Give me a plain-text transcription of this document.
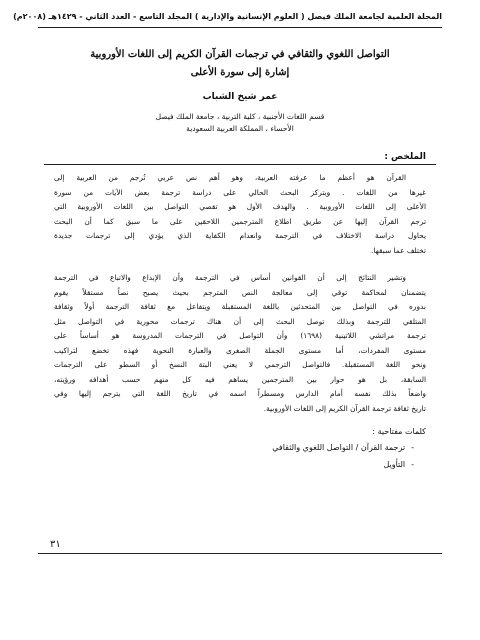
المجلة العلمية لجامعة الملك فيصل ( العلوم الإنسانية والإدارية ) المجلد التاسع - العدد الثاني - ١٤٢٩هـ (٢٠٠٨م)
التواصل اللغوي والثقافي في ترجمات القرآن الكريم إلى اللغات الأوروبية
إشارة إلى سورة الأعلى
عمر شيخ الشباب
قسم اللغات الأجنبية ، كلية التربية ، جامعة الملك فيصل
الأحساء ، المملكة العربية السعودية
الملخص :
القرآن هو أعظم ما عرفته العربية، وهو أهم نص عربي تُرجم من العربية إلى
غيرها من اللغات . ويتركز البحث الحالي على دراسة ترجمة بعض الآيات من سورة
الأعلى إلى اللغات الأوروبية . والهدف الأول هو تقصي التواصل بين اللغات الأوروبية التي
ترجم القرآن إليها عن طريق اطلاع المترجمين اللاحقين على ما سبق كما أن البحث
يحاول دراسة الاختلاف في الترجمة وانعدام الكفاية الذي يؤدي إلى ترجمات جديدة
تختلف عما سبقها.
وتشير النتائج إلى أن القوانين أساس في الترجمة وأن الإبداع والاتباع في الترجمة
يتضمنان لمحاكمة توقي إلى معالجة النص المترجم بحيث يصبح نصاً مستقلاً يقوم
بدوره في التواصل بين المتحدثين باللغة المستقبلة ويتفاعل مع ثقافة الترجمة أولاً وثقافة
المتلقي للترجمة وبذلك توصل البحث إلى أن هناك ترجمات محورية في التواصل مثل
ترجمة مراتشي اللاتينية (١٦٩٨) وأن التواصل في الترجمات المدروسة هو أساساً على
مستوى المفردات، أما مستوى الجملة الصغرى والعبارة النحوية فهذه تخضع لتراكيب
ونحو اللغة المستقبلة. فالتواصل الترجمي لا يعني البتة النسخ أو السطو على الترجمات
السابقة، بل هو حوار بين المترجمين يساهم فيه كل منهم حسب أهدافه ورؤيته،
واضعاً بذلك نفسه أمام الدارس ومسطراً اسمه في تاريخ اللغة التي يترجم إليها وفي
تاريخ ثقافة ترجمة القرآن الكريم إلى اللغات الأوروبية.
كلمات مفتاحية :
-ترجمة القرآن / التواصل اللغوي والثقافي
-التأويل
٣١
